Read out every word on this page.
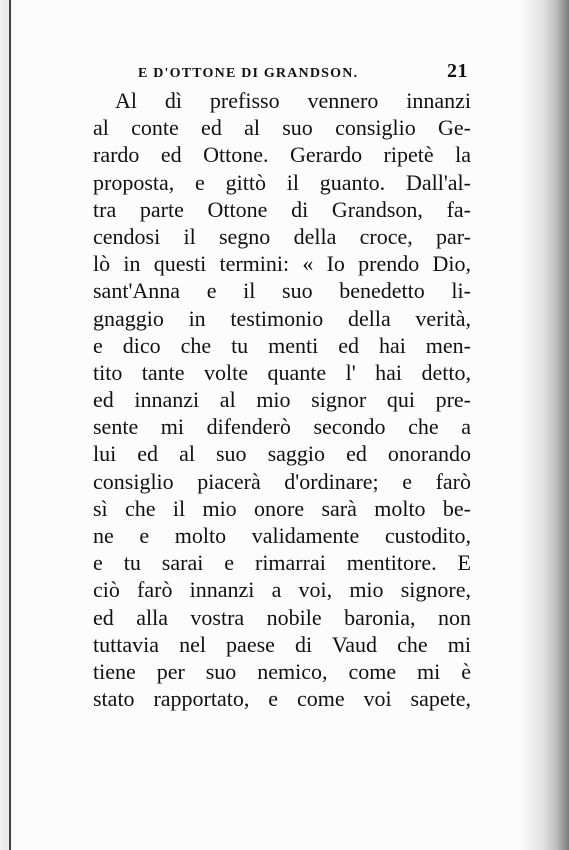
E D'OTTONE DI GRANDSON.	21
Al dì prefisso vennero innanzi
al conte ed al suo consiglio Ge-
rardo ed Ottone. Gerardo ripetè la
proposta, e gittò il guanto. Dall'al-
tra parte Ottone di Grandson, fa-
cendosi il segno della croce, par-
lò in questi termini: « Io prendo Dio,
sant'Anna e il suo benedetto li-
gnaggio in testimonio della verità,
e dico che tu menti ed hai men-
tito tante volte quante l' hai detto,
ed innanzi al mio signor qui pre-
sente mi difenderò secondo che a
lui ed al suo saggio ed onorando
consiglio piacerà d'ordinare; e farò
sì che il mio onore sarà molto be-
ne e molto validamente custodito,
e tu sarai e rimarrai mentitore. E
ciò farò innanzi a voi, mio signore,
ed alla vostra nobile baronia, non
tuttavia nel paese di Vaud che mi
tiene per suo nemico, come mi è
stato rapportato, e come voi sapete,
